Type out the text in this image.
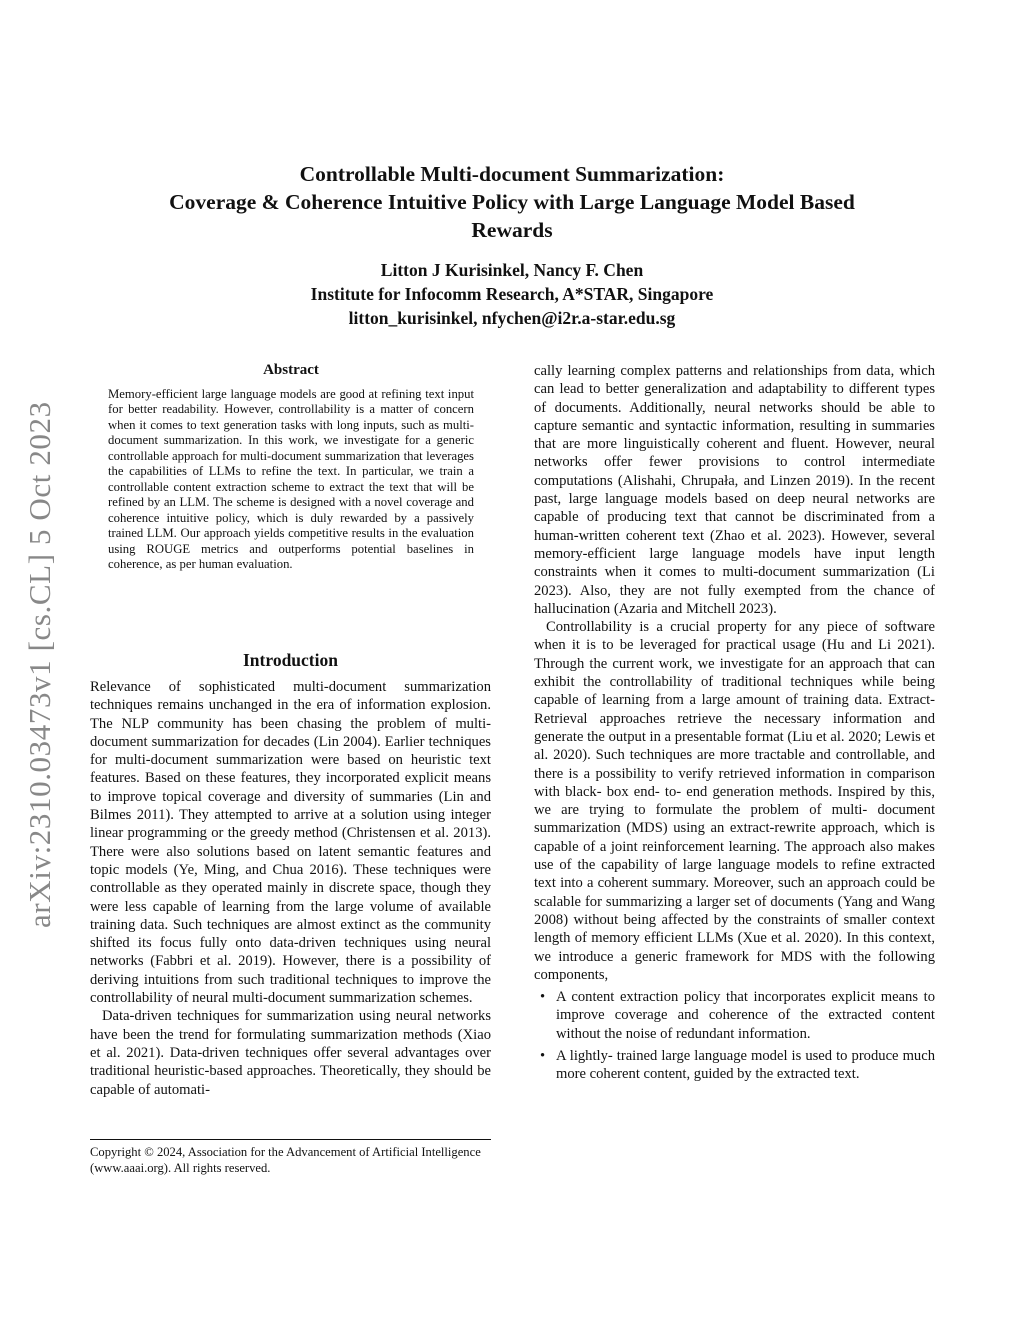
Controllable Multi-document Summarization:
Coverage & Coherence Intuitive Policy with Large Language Model Based
Rewards
Litton J Kurisinkel, Nancy F. Chen
Institute for Infocomm Research, A*STAR, Singapore
litton_kurisinkel, nfychen@i2r.a-star.edu.sg
arXiv:2310.03473v1 [cs.CL] 5 Oct 2023
Abstract

Memory-efficient large language models are good at refining text input for better readability. However, controllability is a matter of concern when it comes to text generation tasks with long inputs, such as multi-document summarization. In this work, we investigate for a generic controllable approach for multi-document summarization that leverages the capabilities of LLMs to refine the text. In particular, we train a controllable content extraction scheme to extract the text that will be refined by an LLM. The scheme is designed with a novel coverage and coherence intuitive policy, which is duly rewarded by a passively trained LLM. Our approach yields competitive results in the evaluation using ROUGE metrics and outperforms potential baselines in coherence, as per human evaluation.

Introduction

Relevance of sophisticated multi-document summarization techniques remains unchanged in the era of information explosion. The NLP community has been chasing the problem of multi-document summarization for decades (Lin 2004). Earlier techniques for multi-document summarization were based on heuristic text features. Based on these features, they incorporated explicit means to improve topical coverage and diversity of summaries (Lin and Bilmes 2011). They attempted to arrive at a solution using integer linear programming or the greedy method (Christensen et al. 2013). There were also solutions based on latent semantic features and topic models (Ye, Ming, and Chua 2016). These techniques were controllable as they operated mainly in discrete space, though they were less capable of learning from the large volume of available training data. Such techniques are almost extinct as the community shifted its focus fully onto data-driven techniques using neural networks (Fabbri et al. 2019). However, there is a possibility of deriving intuitions from such traditional techniques to improve the controllability of neural multi-document summarization schemes.

Data-driven techniques for summarization using neural networks have been the trend for formulating summarization methods (Xiao et al. 2021). Data-driven techniques offer several advantages over traditional heuristic-based approaches. Theoretically, they should be capable of automati-

Copyright © 2024, Association for the Advancement of Artificial Intelligence (www.aaai.org). All rights reserved.

cally learning complex patterns and relationships from data, which can lead to better generalization and adaptability to different types of documents. Additionally, neural networks should be able to capture semantic and syntactic information, resulting in summaries that are more linguistically coherent and fluent. However, neural networks offer fewer provisions to control intermediate computations (Alishahi, Chrupała, and Linzen 2019). In the recent past, large language models based on deep neural networks are capable of producing text that cannot be discriminated from a human-written coherent text (Zhao et al. 2023). However, several memory-efficient large language models have input length constraints when it comes to multi-document summarization (Li 2023). Also, they are not fully exempted from the chance of hallucination (Azaria and Mitchell 2023).

Controllability is a crucial property for any piece of software when it is to be leveraged for practical usage (Hu and Li 2021). Through the current work, we investigate for an approach that can exhibit the controllability of traditional techniques while being capable of learning from a large amount of training data. Extract-Retrieval approaches retrieve the necessary information and generate the output in a presentable format (Liu et al. 2020; Lewis et al. 2020). Such techniques are more tractable and controllable, and there is a possibility to verify retrieved information in comparison with black- box end- to- end generation methods. Inspired by this, we are trying to formulate the problem of multi- document summarization (MDS) using an extract-rewrite approach, which is capable of a joint reinforcement learning. The approach also makes use of the capability of large language models to refine extracted text into a coherent summary. Moreover, such an approach could be scalable for summarizing a larger set of documents (Yang and Wang 2008) without being affected by the constraints of smaller context length of memory efficient LLMs (Xue et al. 2020). In this context, we introduce a generic framework for MDS with the following components,

• A content extraction policy that incorporates explicit means to improve coverage and coherence of the extracted content without the noise of redundant information.
• A lightly- trained large language model is used to produce much more coherent content, guided by the extracted text.
